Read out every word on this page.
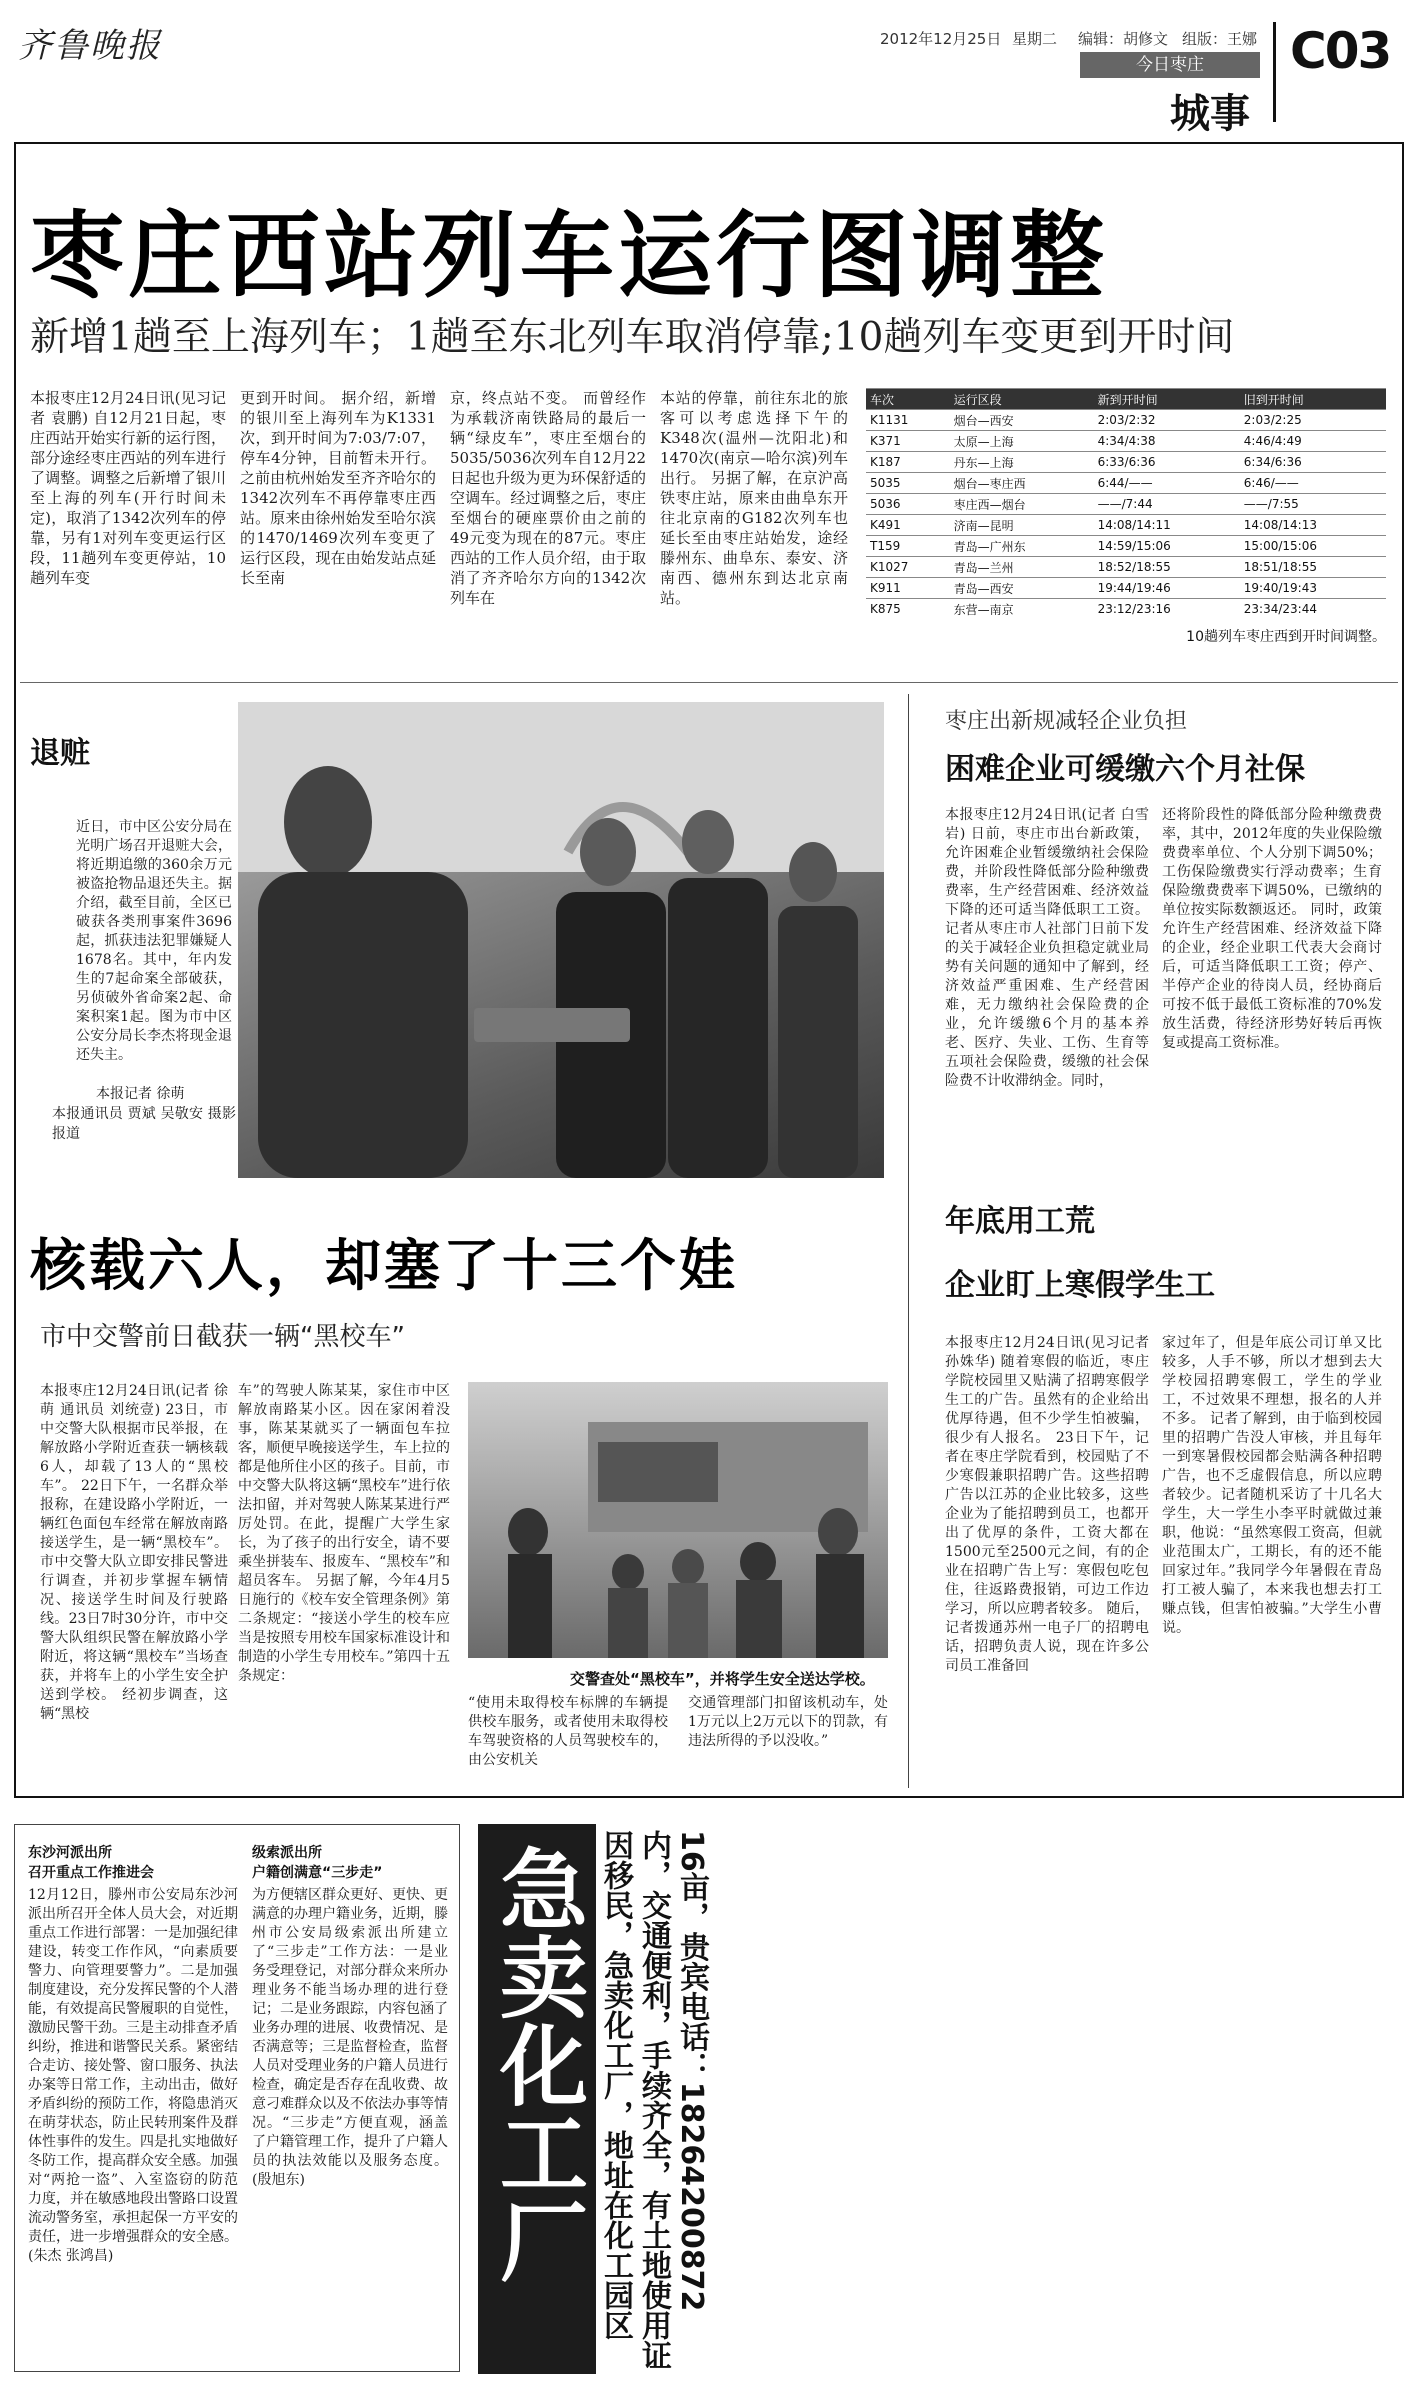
齐鲁晚报	2012年12月25日 星期二 编辑：胡修文 组版：王娜
今日枣庄
城事
C03
枣庄西站列车运行图调整
新增1趟至上海列车；1趟至东北列车取消停靠;10趟列车变更到开时间
本报枣庄12月24日讯(见习记者 袁鹏) 自12月21日起，枣庄西站开始实行新的运行图，部分途经枣庄西站的列车进行了调整。调整之后新增了银川至上海的列车(开行时间未定)，取消了1342次列车的停靠，另有1对列车变更运行区段，11趟列车变更停站，10趟列车变
更到开时间。 据介绍，新增的银川至上海列车为K1331次，到开时间为7:03/7:07，停车4分钟，目前暂未开行。之前由杭州始发至齐齐哈尔的1342次列车不再停靠枣庄西站。原来由徐州始发至哈尔滨的1470/1469次列车变更了运行区段，现在由始发站点延长至南
京，终点站不变。 而曾经作为承载济南铁路局的最后一辆“绿皮车”，枣庄至烟台的5035/5036次列车自12月22日起也升级为更为环保舒适的空调车。经过调整之后，枣庄至烟台的硬座票价由之前的49元变为现在的87元。枣庄西站的工作人员介绍，由于取消了齐齐哈尔方向的1342次列车在
本站的停靠，前往东北的旅客可以考虑选择下午的K348次(温州—沈阳北)和1470次(南京—哈尔滨)列车出行。 另据了解，在京沪高铁枣庄站，原来由曲阜东开往北京南的G182次列车也延长至由枣庄站始发，途经滕州东、曲阜东、泰安、济南西、德州东到达北京南站。
车次	运行区段	新到开时间	旧到开时间
K1131	烟台—西安	2:03/2:32	2:03/2:25
K371	太原—上海	4:34/4:38	4:46/4:49
K187	丹东—上海	6:33/6:36	6:34/6:36
5035	烟台—枣庄西	6:44/——	6:46/——
5036	枣庄西—烟台	——/7:44	——/7:55
K491	济南—昆明	14:08/14:11	14:08/14:13
T159	青岛—广州东	14:59/15:06	15:00/15:06
K1027	青岛—兰州	18:52/18:55	18:51/18:55
K911	青岛—西安	19:44/19:46	19:40/19:43
K875	东营—南京	23:12/23:16	23:34/23:44
10趟列车枣庄西到开时间调整。
退赃
近日，市中区公安分局在光明广场召开退赃大会，将近期追缴的360余万元被盗抢物品退还失主。据介绍，截至目前，全区已破获各类刑事案件3696起，抓获违法犯罪嫌疑人1678名。其中，年内发生的7起命案全部破获，另侦破外省命案2起、命案积案1起。图为市中区公安分局长李杰将现金退还失主。
本报记者 徐萌
本报通讯员 贾斌 吴敬安 摄影报道
枣庄出新规减轻企业负担
困难企业可缓缴六个月社保
本报枣庄12月24日讯(记者 白雪岩) 日前，枣庄市出台新政策，允许困难企业暂缓缴纳社会保险费，并阶段性降低部分险种缴费费率，生产经营困难、经济效益下降的还可适当降低职工工资。 记者从枣庄市人社部门日前下发的关于减轻企业负担稳定就业局势有关问题的通知中了解到，经济效益严重困难、生产经营困难，无力缴纳社会保险费的企业，允许缓缴6个月的基本养老、医疗、失业、工伤、生育等五项社会保险费，缓缴的社会保险费不计收滞纳金。同时，
还将阶段性的降低部分险种缴费费率，其中，2012年度的失业保险缴费费率单位、个人分别下调50%；工伤保险缴费实行浮动费率；生育保险缴费费率下调50%，已缴纳的单位按实际数额返还。 同时，政策允许生产经营困难、经济效益下降的企业，经企业职工代表大会商讨后，可适当降低职工工资；停产、半停产企业的待岗人员，经协商后可按不低于最低工资标准的70%发放生活费，待经济形势好转后再恢复或提高工资标准。
核载六人，却塞了十三个娃
市中交警前日截获一辆“黑校车”
本报枣庄12月24日讯(记者 徐萌 通讯员 刘统壹) 23日，市中交警大队根据市民举报，在解放路小学附近查获一辆核载6人，却载了13人的“黑校车”。 22日下午，一名群众举报称，在建设路小学附近，一辆红色面包车经常在解放南路接送学生，是一辆“黑校车”。市中交警大队立即安排民警进行调查，并初步掌握车辆情况、接送学生时间及行驶路线。23日7时30分许，市中交警大队组织民警在解放路小学附近，将这辆“黑校车”当场查获，并将车上的小学生安全护送到学校。 经初步调查，这辆“黑校
车”的驾驶人陈某某，家住市中区解放南路某小区。因在家闲着没事，陈某某就买了一辆面包车拉客，顺便早晚接送学生，车上拉的都是他所住小区的孩子。目前，市中交警大队将这辆“黑校车”进行依法扣留，并对驾驶人陈某某进行严厉处罚。在此，提醒广大学生家长，为了孩子的出行安全，请不要乘坐拼装车、报废车、“黑校车”和超员客车。 另据了解，今年4月5日施行的《校车安全管理条例》第二条规定：“接送小学生的校车应当是按照专用校车国家标准设计和制造的小学生专用校车。”第四十五条规定：	交警查处“黑校车”，并将学生安全送达学校。
“使用未取得校车标牌的车辆提供校车服务，或者使用未取得校车驾驶资格的人员驾驶校车的，由公安机关
交通管理部门扣留该机动车，处1万元以上2万元以下的罚款，有违法所得的予以没收。”
年底用工荒
企业盯上寒假学生工
本报枣庄12月24日讯(见习记者 孙姝华) 随着寒假的临近，枣庄学院校园里又贴满了招聘寒假学生工的广告。虽然有的企业给出优厚待遇，但不少学生怕被骗，很少有人报名。 23日下午，记者在枣庄学院看到，校园贴了不少寒假兼职招聘广告。这些招聘广告以江苏的企业比较多，这些企业为了能招聘到员工，也都开出了优厚的条件，工资大都在1500元至2500元之间，有的企业在招聘广告上写：寒假包吃包住，往返路费报销，可边工作边学习，所以应聘者较多。 随后，记者拨通苏州一电子厂的招聘电话，招聘负责人说，现在许多公司员工准备回
家过年了，但是年底公司订单又比较多，人手不够，所以才想到去大学校园招聘寒假工，学生的学业工，不过效果不理想，报名的人并不多。 记者了解到，由于临到校园里的招聘广告没人审核，并且每年一到寒暑假校园都会贴满各种招聘广告，也不乏虚假信息，所以应聘者较少。记者随机采访了十几名大学生，大一学生小李平时就做过兼职，他说：“虽然寒假工资高，但就业范围太广，工期长，有的还不能回家过年。”我同学今年暑假在青岛打工被人骗了，本来我也想去打工赚点钱，但害怕被骗。”大学生小曹说。
东沙河派出所
召开重点工作推进会
12月12日，滕州市公安局东沙河派出所召开全体人员大会，对近期重点工作进行部署：一是加强纪律建设，转变工作作风，“向素质要警力、向管理要警力”。二是加强制度建设，充分发挥民警的个人潜能，有效提高民警履职的自觉性，激励民警干劲。三是主动排查矛盾纠纷，推进和谐警民关系。紧密结合走访、接处警、窗口服务、执法办案等日常工作，主动出击，做好矛盾纠纷的预防工作，将隐患消灭在萌芽状态，防止民转刑案件及群体性事件的发生。四是扎实地做好冬防工作，提高群众安全感。加强对“两抢一盗”、入室盗窃的防范力度，并在敏感地段出警路口设置流动警务室，承担起保一方平安的责任，进一步增强群众的安全感。(朱杰 张鸿昌)
级索派出所
户籍创满意“三步走”
为方便辖区群众更好、更快、更满意的办理户籍业务，近期，滕州市公安局级索派出所建立了“三步走”工作方法：一是业务受理登记，对部分群众来所办理业务不能当场办理的进行登记；二是业务跟踪，内容包涵了业务办理的进展、收费情况、是否满意等；三是监督检查，监督人员对受理业务的户籍人员进行检查，确定是否存在乱收费、故意刁难群众以及不依法办事等情况。“三步走”方便直观，涵盖了户籍管理工作，提升了户籍人员的执法效能以及服务态度。(殷旭东)	急卖化工厂	16亩，贵宾电话：18264200872 内，交通便利，手续齐全，有土地使用证 因移民，急卖化工厂，地址在化工园区
